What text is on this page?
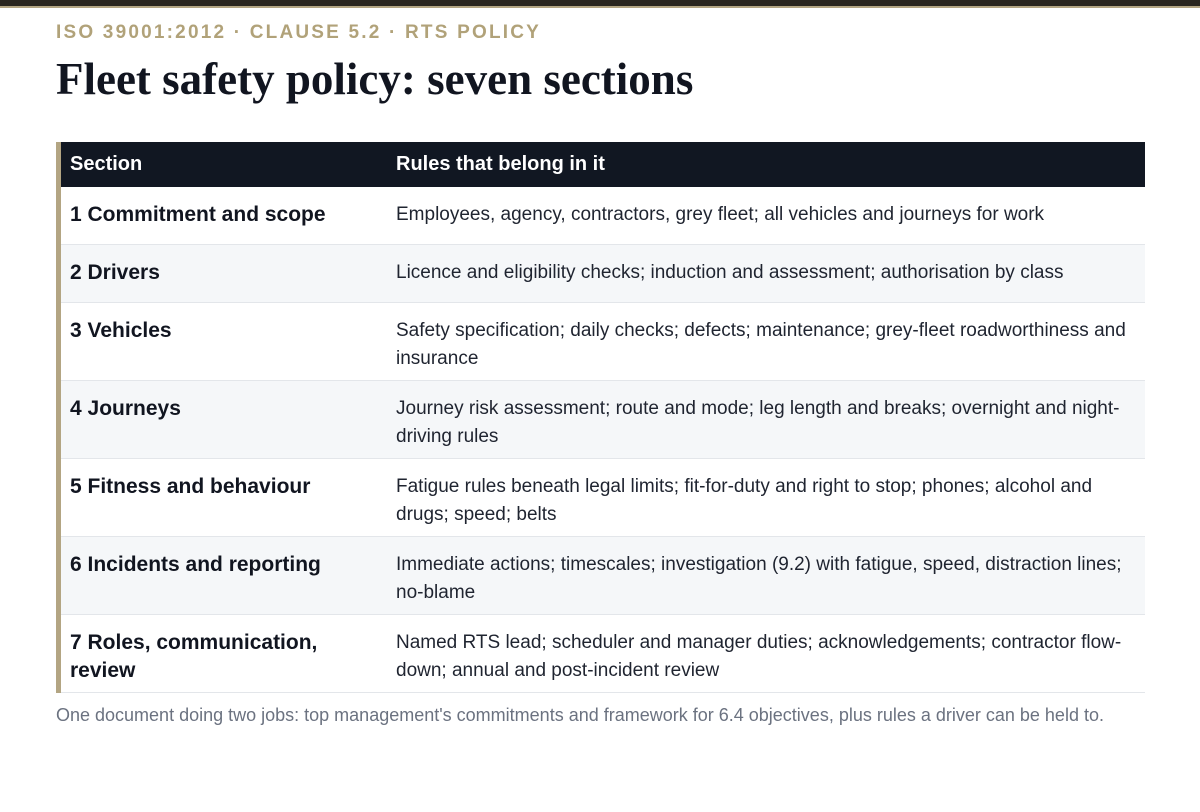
ISO 39001:2012 · CLAUSE 5.2 · RTS POLICY
Fleet safety policy: seven sections
Section	Rules that belong in it
1 Commitment and scope	Employees, agency, contractors, grey fleet; all vehicles and journeys for work
2 Drivers	Licence and eligibility checks; induction and assessment; authorisation by class
3 Vehicles	Safety specification; daily checks; defects; maintenance; grey-fleet roadworthiness and insurance
4 Journeys	Journey risk assessment; route and mode; leg length and breaks; overnight and night-driving rules
5 Fitness and behaviour	Fatigue rules beneath legal limits; fit-for-duty and right to stop; phones; alcohol and drugs; speed; belts
6 Incidents and reporting	Immediate actions; timescales; investigation (9.2) with fatigue, speed, distraction lines; no-blame
7 Roles, communication, review	Named RTS lead; scheduler and manager duties; acknowledgements; contractor flow-down; annual and post-incident review

One document doing two jobs: top management's commitments and framework for 6.4 objectives, plus rules a driver can be held to.
